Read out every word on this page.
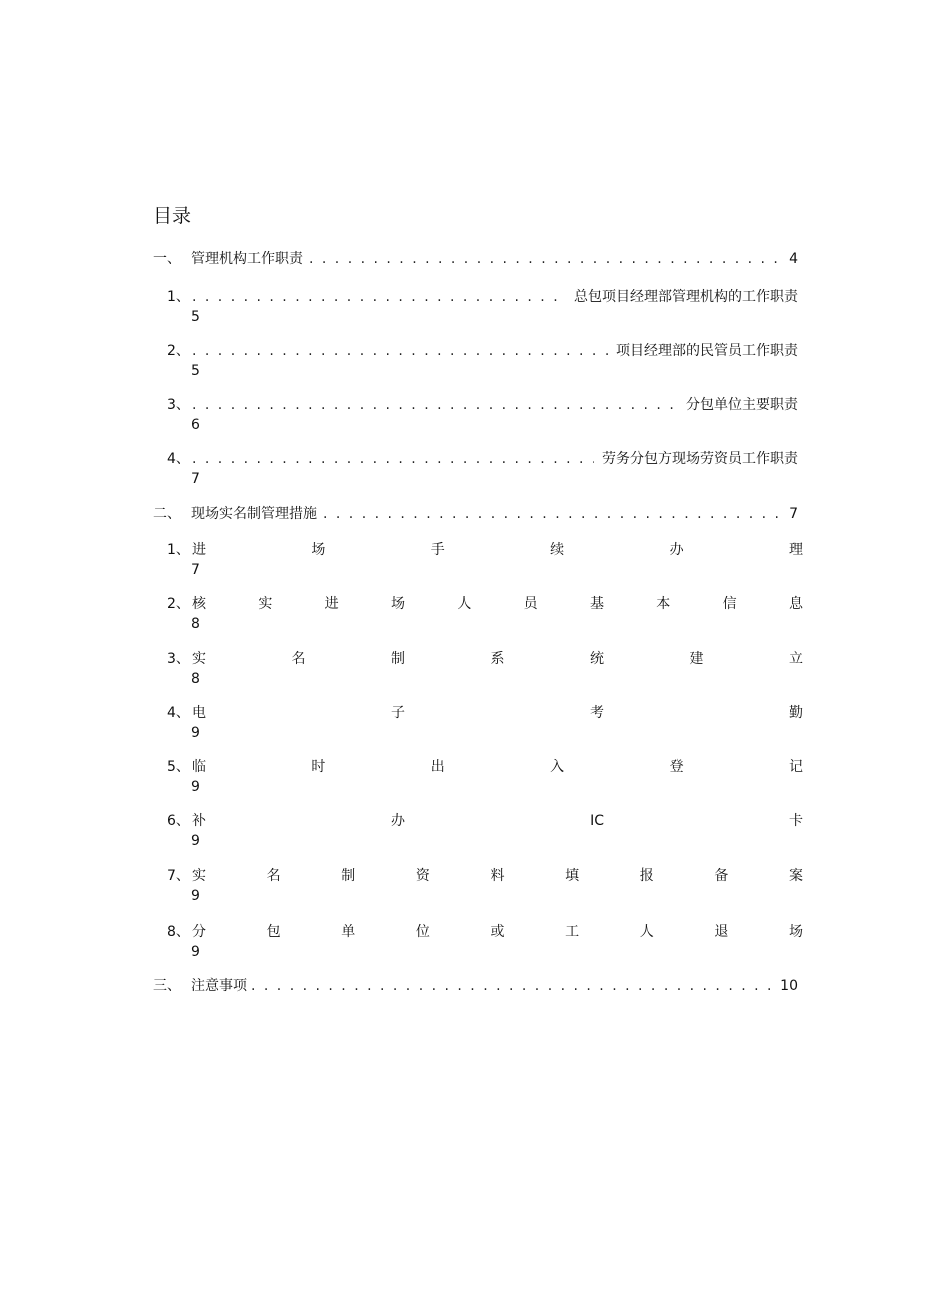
目录
一、 管理机构工作职责 . . .	4
1、 . . .	总包项目经理部管理机构的工作职责
5
2、 . . .	项目经理部的民管员工作职责
5
3、 . . .	分包单位主要职责
6
4、 . . .	劳务分包方现场劳资员工作职责
7
二、 现场实名制管理措施 . . .	7
1、 进	场	手	续	办	理
7
2、 核	实	进	场	人	员	基	本	信	息
8
3、 实	名	制	系	统	建	立
8
4、 电	子	考	勤
9
5、 临	时	出	入	登	记
9
6、 补	办	IC	卡
9
7、 实	名	制	资	料	填	报	备	案
9
8、 分	包	单	位	或	工	人	退	场
9
三、 注意事项 . . .	10
